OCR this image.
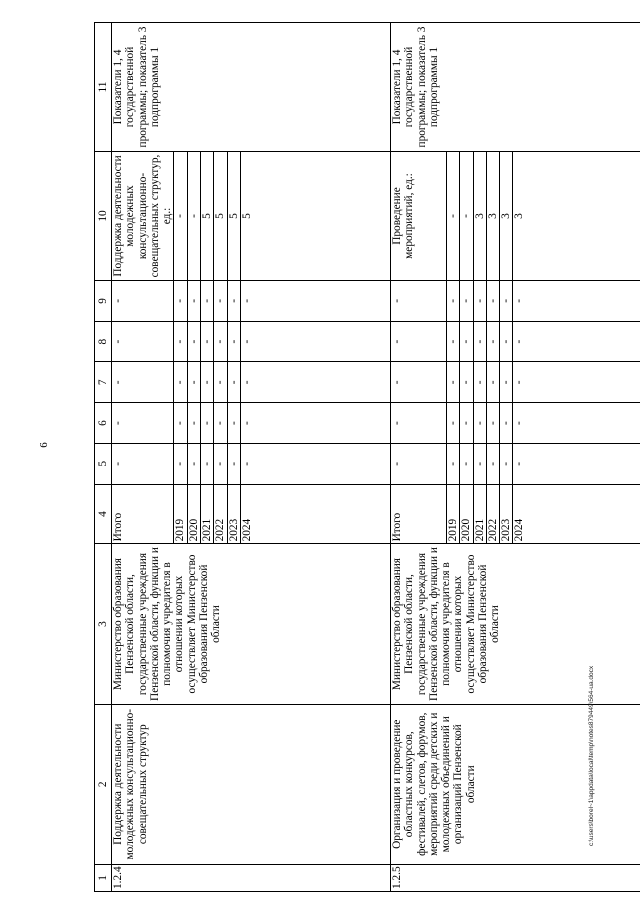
6
1	2	3	4	5	6	7	8	9	10	11
1.2.4	Поддержка деятельности молодежных консультационно-совещательных структур	Министерство образования Пензенской области, государственные учреждения Пензенской области, функции и полномочия учредителя в отношении которых осуществляет Министерство образования Пензенской области	Итого	-	-	-	-	-	Поддержка деятельности молодежных консультационно-совещательных структур, ед.:	Показатели 1, 4 государственной программы; показатель 3 подпрограммы 1
			2019	-	-	-	-	-	-	
			2020	-	-	-	-	-	-	
			2021	-	-	-	-	-	5	
			2022	-	-	-	-	-	5	
			2023	-	-	-	-	-	5	
			2024	-	-	-	-	-	5	
1.2.5	Организация и проведение областных конкурсов, фестивалей, слетов, форумов, мероприятий среди детских и молодежных объединений и организаций Пензенской области	Министерство образования Пензенской области, государственные учреждения Пензенской области, функции и полномочия учредителя в отношении которых осуществляет Министерство образования Пензенской области	Итого	-	-	-	-	-	Проведение мероприятий, ед.:	Показатели 1, 4 государственной программы; показатель 3 подпрограммы 1
			2019	-	-	-	-	-	-	
			2020	-	-	-	-	-	-	
			2021	-	-	-	-	-	3	
			2022	-	-	-	-	-	3	
			2023	-	-	-	-	-	3	
			2024	-	-	-	-	-	3	
c:\users\borel~1\appdata\local\temp\notes879449\564-ua.docx
